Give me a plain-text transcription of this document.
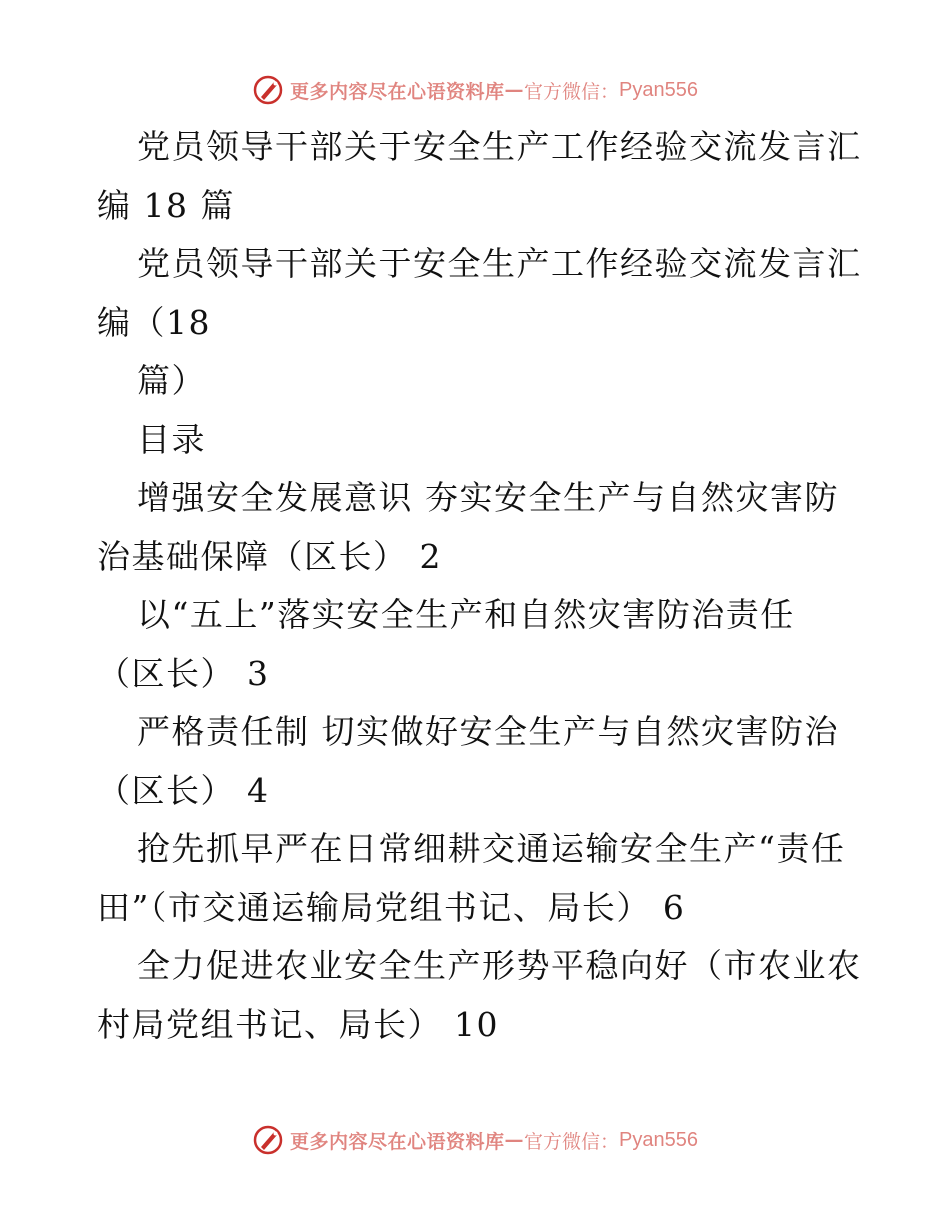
更多内容尽在心语资料库 — 官方微信： Pyan556
党员领导干部关于安全生产工作经验交流发言汇
编 18 篇
党员领导干部关于安全生产工作经验交流发言汇
编（18
篇）
目录
增强安全发展意识 夯实安全生产与自然灾害防
治基础保障（区长） 2
以“五上”落实安全生产和自然灾害防治责任
（区长） 3
严格责任制 切实做好安全生产与自然灾害防治
（区长） 4
抢先抓早严在日常细耕交通运输安全生产“责任
田”（市交通运输局党组书记、局长） 6
全力促进农业安全生产形势平稳向好（市农业农
村局党组书记、局长） 10
更多内容尽在心语资料库 — 官方微信： Pyan556
